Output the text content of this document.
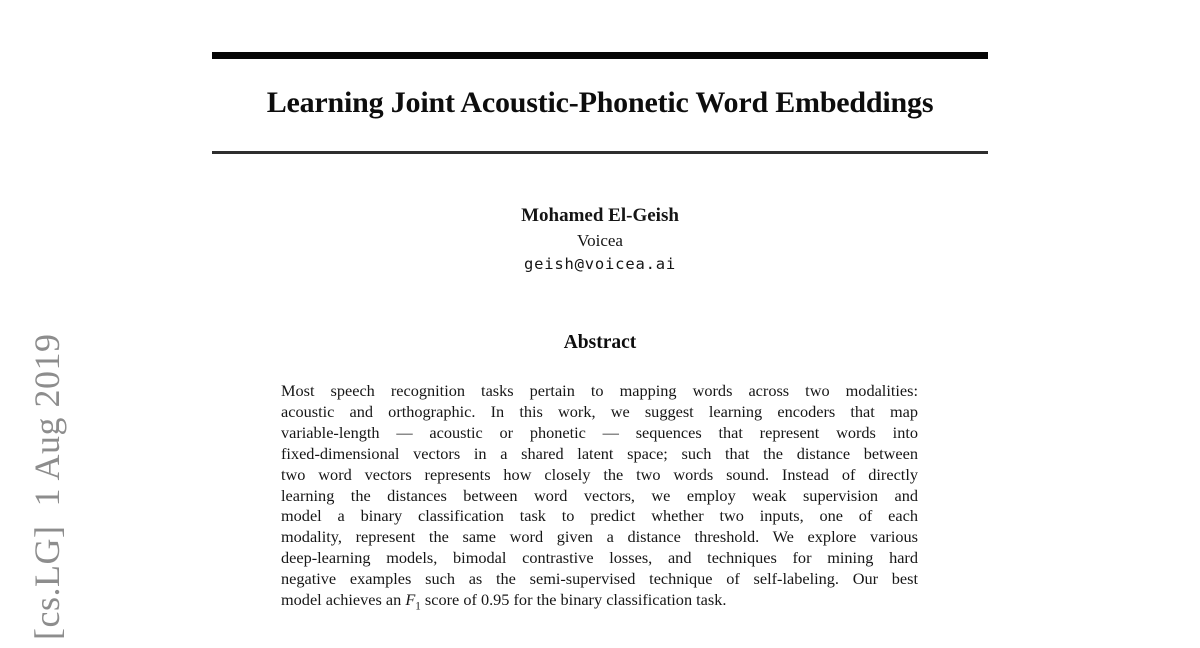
[cs.LG]  1 Aug 2019
Learning Joint Acoustic-Phonetic Word Embeddings
Mohamed El-Geish
Voicea
geish@voicea.ai
Abstract
Most speech recognition tasks pertain to mapping words across two modalities:
acoustic and orthographic. In this work, we suggest learning encoders that map
variable-length — acoustic or phonetic — sequences that represent words into
fixed-dimensional vectors in a shared latent space; such that the distance between
two word vectors represents how closely the two words sound. Instead of directly
learning the distances between word vectors, we employ weak supervision and
model a binary classification task to predict whether two inputs, one of each
modality, represent the same word given a distance threshold. We explore various
deep-learning models, bimodal contrastive losses, and techniques for mining hard
negative examples such as the semi-supervised technique of self-labeling. Our best
model achieves an $F_1$ score of 0.95 for the binary classification task.
